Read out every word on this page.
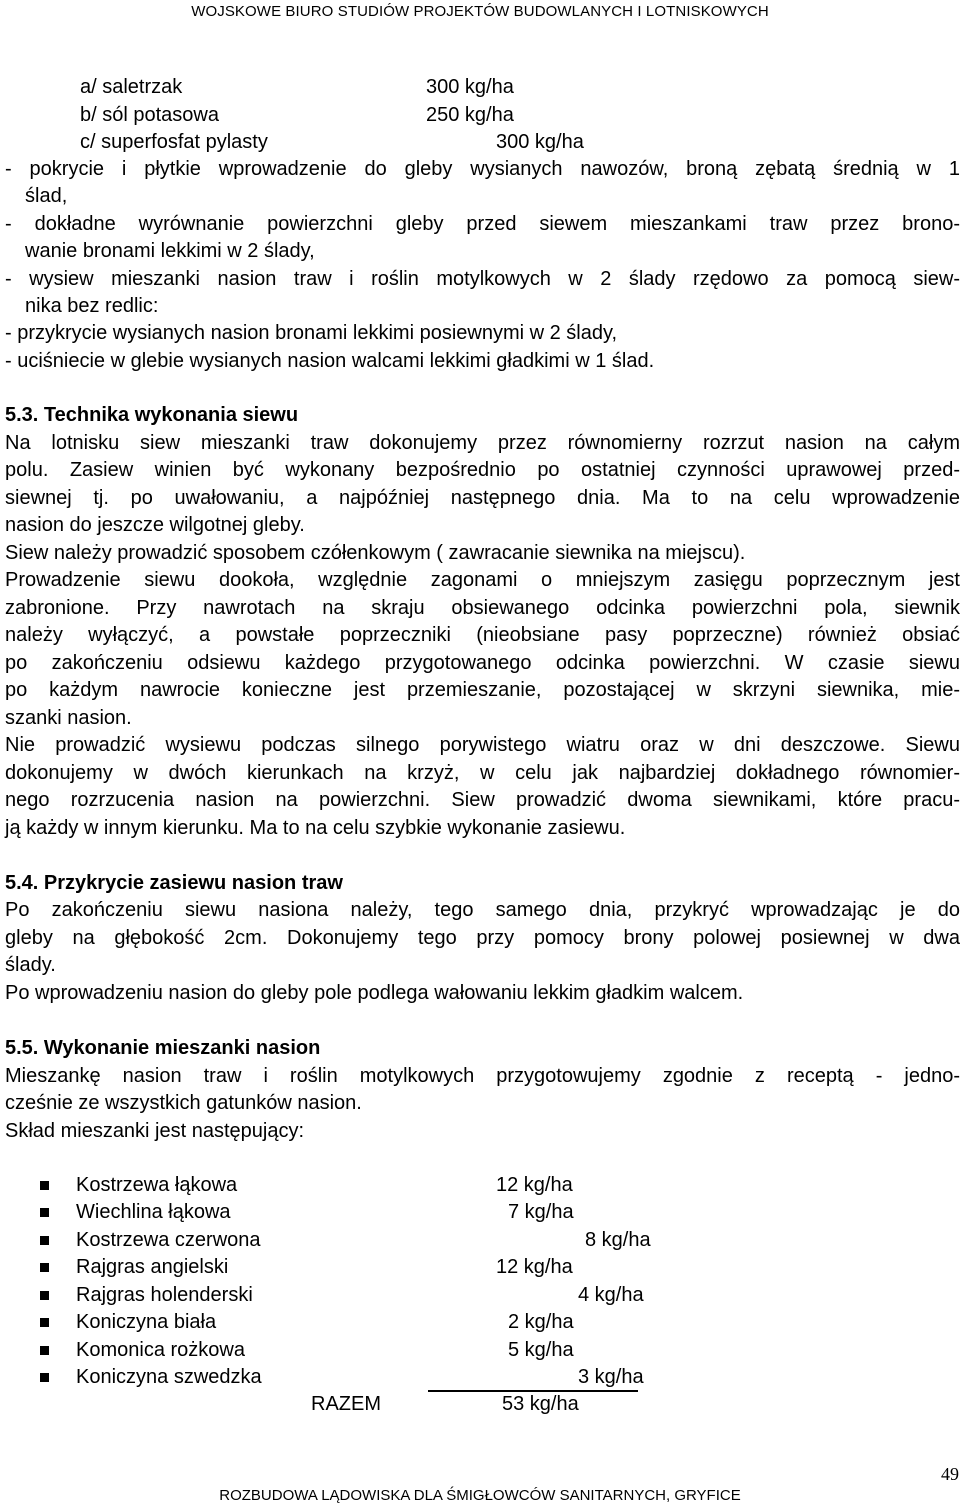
WOJSKOWE BIURO STUDIÓW PROJEKTÓW BUDOWLANYCH I LOTNISKOWYCH
a/ saletrzak	300 kg/ha
b/ sól potasowa	250 kg/ha
c/ superfosfat pylasty	300 kg/ha
- pokrycie i płytkie wprowadzenie do gleby wysianych nawozów, broną zębatą średnią w 1
ślad,
- dokładne wyrównanie powierzchni gleby przed siewem mieszankami traw przez brono-
wanie bronami lekkimi w 2 ślady,
- wysiew mieszanki nasion traw i roślin motylkowych w 2 ślady rzędowo za pomocą siew-
nika bez redlic:
- przykrycie wysianych nasion bronami lekkimi posiewnymi w 2 ślady,
- uciśniecie w glebie wysianych nasion walcami lekkimi gładkimi w 1 ślad.
5.3. Technika wykonania siewu
Na lotnisku siew mieszanki traw dokonujemy przez równomierny rozrzut nasion na całym
polu. Zasiew winien być wykonany bezpośrednio po ostatniej czynności uprawowej przed-
siewnej tj. po uwałowaniu, a najpóźniej następnego dnia. Ma to na celu wprowadzenie
nasion do jeszcze wilgotnej gleby.
Siew należy prowadzić sposobem czółenkowym ( zawracanie siewnika na miejscu).
Prowadzenie siewu dookoła, względnie zagonami o mniejszym zasięgu poprzecznym jest
zabronione. Przy nawrotach na skraju obsiewanego odcinka powierzchni pola, siewnik
należy wyłączyć, a powstałe poprzeczniki (nieobsiane pasy poprzeczne) również obsiać
po zakończeniu odsiewu każdego przygotowanego odcinka powierzchni. W czasie siewu
po każdym nawrocie konieczne jest przemieszanie, pozostającej w skrzyni siewnika, mie-
szanki nasion.
Nie prowadzić wysiewu podczas silnego porywistego wiatru oraz w dni deszczowe. Siewu
dokonujemy w dwóch kierunkach na krzyż, w celu jak najbardziej dokładnego równomier-
nego rozrzucenia nasion na powierzchni. Siew prowadzić dwoma siewnikami, które pracu-
ją każdy w innym kierunku. Ma to na celu szybkie wykonanie zasiewu.
5.4. Przykrycie zasiewu nasion traw
Po zakończeniu siewu nasiona należy, tego samego dnia, przykryć wprowadzając je do
gleby na głębokość 2cm. Dokonujemy tego przy pomocy brony polowej posiewnej w dwa
ślady.
Po wprowadzeniu nasion do gleby pole podlega wałowaniu lekkim gładkim walcem.
5.5. Wykonanie mieszanki nasion
Mieszankę nasion traw i roślin motylkowych przygotowujemy zgodnie z receptą - jedno-
cześnie ze wszystkich gatunków nasion.
Skład mieszanki jest następujący:
Kostrzewa łąkowa	12 kg/ha
Wiechlina łąkowa	7 kg/ha
Kostrzewa czerwona	8 kg/ha
Rajgras angielski	12 kg/ha
Rajgras holenderski	4 kg/ha
Koniczyna biała	2 kg/ha
Komonica rożkowa	5 kg/ha
Koniczyna szwedzka	3 kg/ha
RAZEM	53 kg/ha
49
ROZBUDOWA LĄDOWISKA DLA ŚMIGŁOWCÓW SANITARNYCH, GRYFICE
